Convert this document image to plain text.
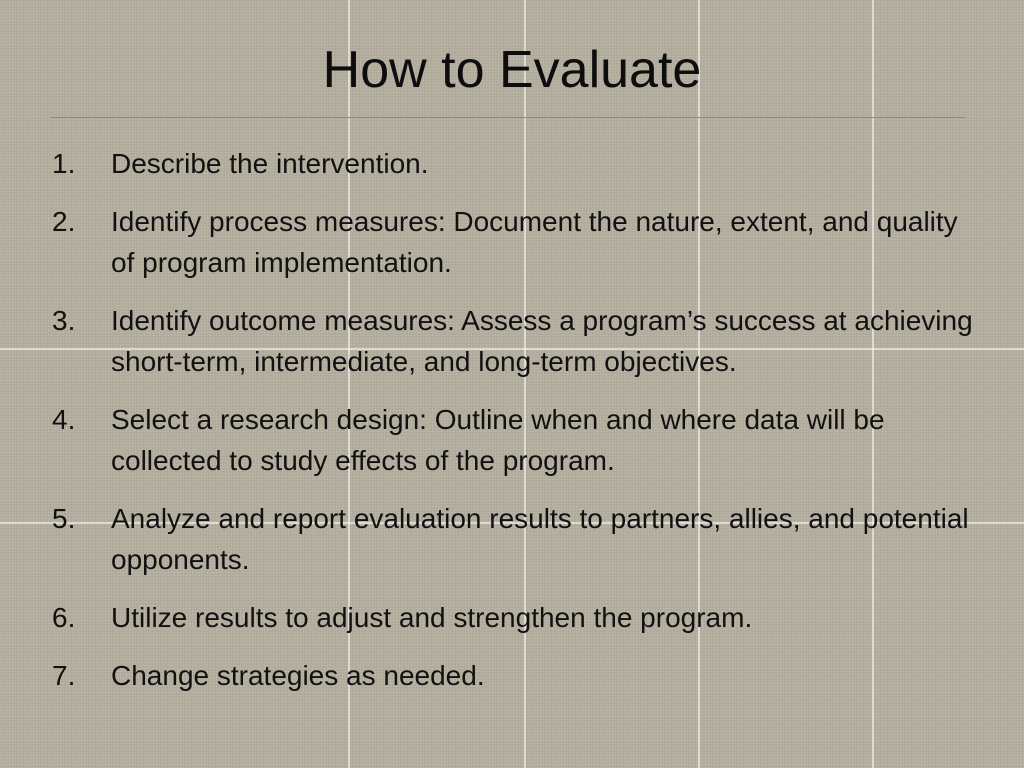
How to Evaluate
1.	Describe the intervention.
2.	Identify process measures: Document the nature, extent, and quality of program implementation.
3.	Identify outcome measures: Assess a program’s success at achieving short-term, intermediate, and long-term objectives.
4.	Select a research design: Outline when and where data will be collected to study effects of the program.
5.	Analyze and report evaluation results to partners, allies, and potential opponents.
6.	Utilize results to adjust and strengthen the program.
7.	Change strategies as needed.
